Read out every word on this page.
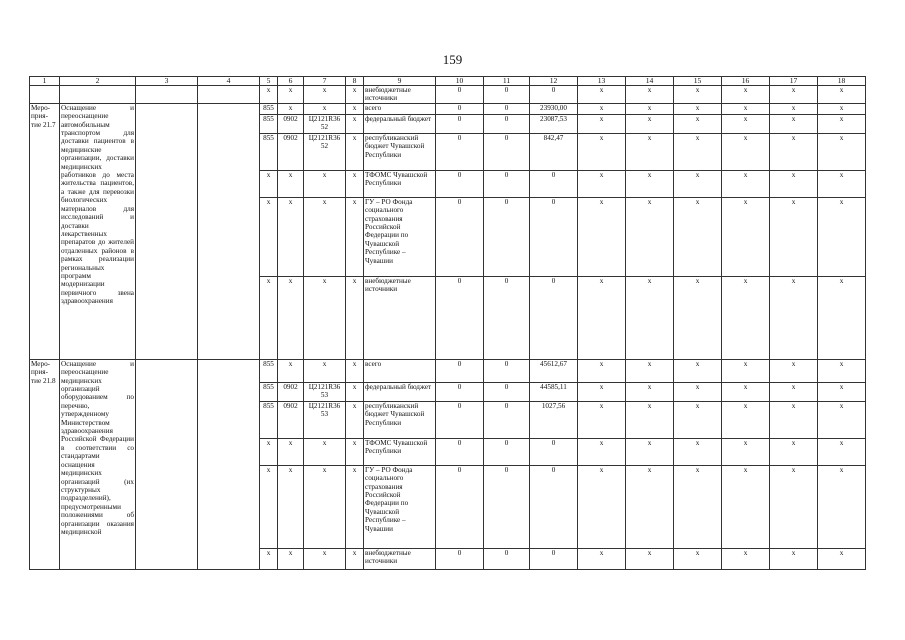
159
1	2	3	4	5	6	7	8	9	10	11	12	13	14	15	16	17	18
				x	x	x	x	внебюджетные источники	0	0	0	x	x	x	x	x	x
Меро-прия-тие 21.7	Оснащение и переоснащение автомобильным транспортом для доставки пациентов в медицинские организации, доставки медицинских работников до места жительства пациентов, а также для перевозки биологических материалов для исследований и доставки лекарственных препаратов до жителей отдаленных районов в рамках реализации региональных программ модернизации первичного звена здравоохранения			855	x	x	x	всего	0	0	23930,00	x	x	x	x	x	x
				855	0902	Ц2121R36 52	x	федеральный бюджет	0	0	23087,53	x	x	x	x	x	x
				855	0902	Ц2121R36 52	x	республиканский бюджет Чувашской Республики	0	0	842,47	x	x	x	x	x	x
				x	x	x	x	ТФОМС Чувашской Республики	0	0	0	x	x	x	x	x	x
				x	x	x	x	ГУ – РО Фонда социального страхования Российской Федерации по Чувашской Республике – Чувашии	0	0	0	x	x	x	x	x	x
				x	x	x	x	внебюджетные источники	0	0	0	x	x	x	x	x	x
Меро-прия-тие 21.8	Оснащение и переоснащение медицинских организаций оборудованием по перечню, утвержденному Министерством здравоохранения Российской Федерации в соответствии со стандартами оснащения медицинских организаций (их структурных подразделений), предусмотренными положениями об организации оказания медицинской			855	x	x	x	всего	0	0	45612,67	x	x	x	x	x	x
				855	0902	Ц2121R36 53	x	федеральный бюджет	0	0	44585,11	x	x	x	x	x	x
				855	0902	Ц2121R36 53	x	республиканский бюджет Чувашской Республики	0	0	1027,56	x	x	x	x	x	x
				x	x	x	x	ТФОМС Чувашской Республики	0	0	0	x	x	x	x	x	x
				x	x	x	x	ГУ – РО Фонда социального страхования Российской Федерации по Чувашской Республике – Чувашии	0	0	0	x	x	x	x	x	x
				x	x	x	x	внебюджетные источники	0	0	0	x	x	x	x	x	x
